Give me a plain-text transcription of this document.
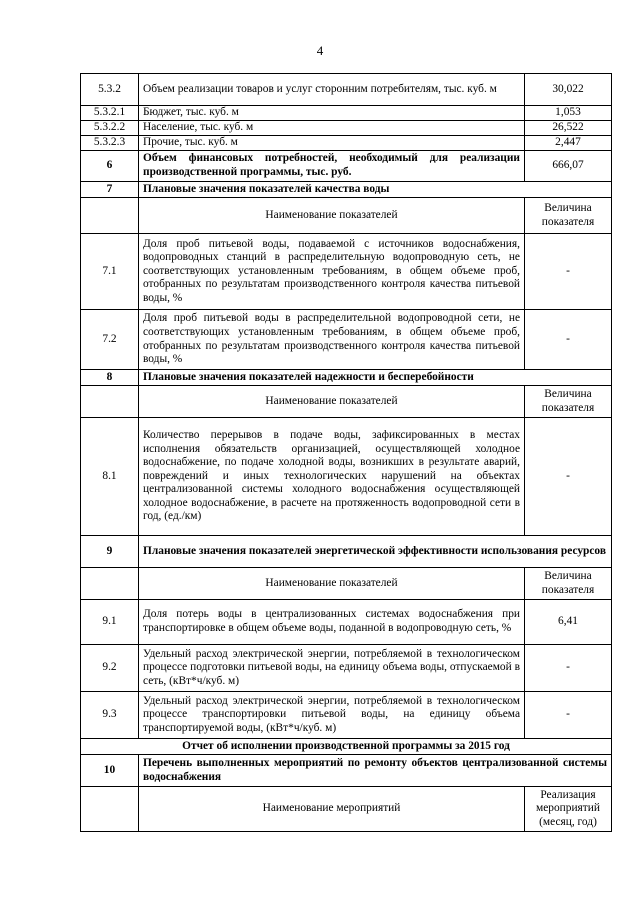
4
5.3.2	Объем реализации товаров и услуг сторонним потребителям, тыс. куб. м	30,022
5.3.2.1	Бюджет, тыс. куб. м	1,053
5.3.2.2	Население, тыс. куб. м	26,522
5.3.2.3	Прочие, тыс. куб. м	2,447
6	Объем финансовых потребностей, необходимый для реализации производственной программы, тыс. руб.	666,07
7	Плановые значения показателей качества воды	
	Наименование показателей	Величина показателя
7.1	Доля проб питьевой воды, подаваемой с источников водоснабжения, водопроводных станций в распределительную водопроводную сеть, не соответствующих установленным требованиям, в общем объеме проб, отобранных по результатам производственного контроля качества питьевой воды, %	-
7.2	Доля проб питьевой воды в распределительной водопроводной сети, не соответствующих установленным требованиям, в общем объеме проб, отобранных по результатам производственного контроля качества питьевой воды, %	-
8	Плановые значения показателей надежности и бесперебойности	
	Наименование показателей	Величина показателя
8.1	Количество перерывов в подаче воды, зафиксированных в местах исполнения обязательств организацией, осуществляющей холодное водоснабжение, по подаче холодной воды, возникших в результате аварий, повреждений и иных технологических нарушений на объектах централизованной системы холодного водоснабжения осуществляющей холодное водоснабжение, в расчете на протяженность водопроводной сети в год, (ед./км)	-
9	Плановые значения показателей энергетической эффективности использования ресурсов	
	Наименование показателей	Величина показателя
9.1	Доля потерь воды в централизованных системах водоснабжения при транспортировке в общем объеме воды, поданной в водопроводную сеть, %	6,41
9.2	Удельный расход электрической энергии, потребляемой в технологическом процессе подготовки питьевой воды, на единицу объема воды, отпускаемой в сеть, (кВт*ч/куб. м)	-
9.3	Удельный расход электрической энергии, потребляемой в технологическом процессе транспортировки питьевой воды, на единицу объема транспортируемой воды, (кВт*ч/куб. м)	-
Отчет об исполнении производственной программы за 2015 год		
10	Перечень выполненных мероприятий по ремонту объектов централизованной системы водоснабжения	
	Наименование мероприятий	Реализация мероприятий (месяц, год)
